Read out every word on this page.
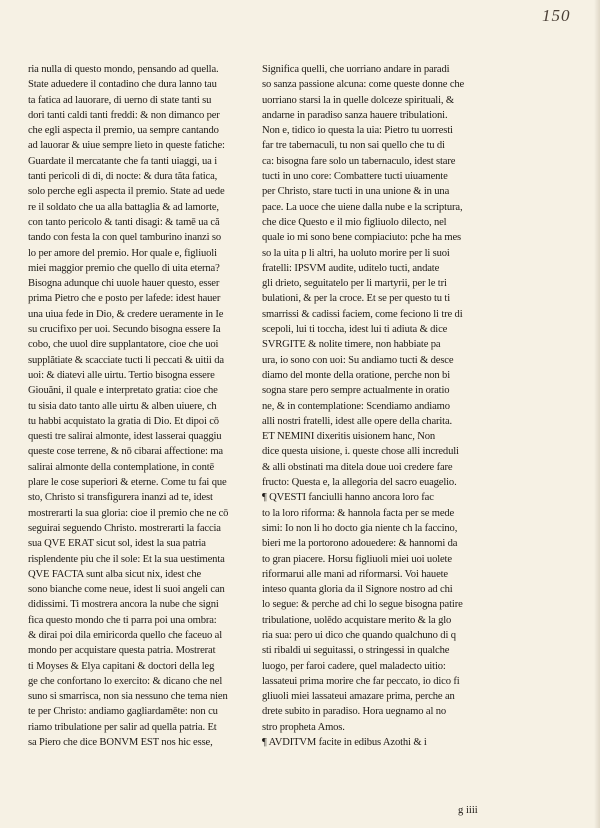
150
ria nulla di questo mondo, pensando ad quella.
State aduedere il contadino che dura lanno tau
ta fatica ad lauorare, di uerno di state tanti su
dori tanti caldi tanti freddi: & non dimanco per
che egli aspecta il premio, ua sempre cantando
ad lauorar & uiue sempre lieto in queste fatiche:
Guardate il mercatante che fa tanti uiaggi, ua i
tanti pericoli di di, di nocte: & dura tăta fatica,
solo perche egli aspecta il premio. State ad uede
re il soldato che ua alla battaglia & ad lamorte,
con tanto pericolo & tanti disagi: & tamē ua că
tando con festa la con quel tamburino inanzi so
lo per amore del premio. Hor quale e, figliuoli
miei maggior premio che quello di uita eterna?
Bisogna adunque chi uuole hauer questo, esser
prima Pietro che e posto per lafede: idest hauer
una uiua fede in Dio, & credere ueramente in Ie
su crucifixo per uoi. Secundo bisogna essere Ia
cobo, che uuol dire supplantatore, cioe che uoi
supplătiate & scacciate tucti li peccati & uitii da
uoi: & diatevi alle uirtu. Tertio bisogna essere
Giouăni, il quale e interpretato gratia: cioe che
tu sisia dato tanto alle uirtu & alben uiuere, ch
tu habbi acquistato la gratia di Dio. Et dipoi cō
questi tre salirai almonte, idest lasserai quaggiu
queste cose terrene, & nō cibarai affectione: ma
salirai almonte della contemplatione, in contē
plare le cose superiori & eterne. Come tu fai que
sto, Christo si transfigurera inanzi ad te, idest
mostrerarti la sua gloria: cioe il premio che ne cō
seguirai seguendo Christo. mostrerarti la faccia
sua QVE ERAT sicut sol, idest la sua patria
risplendente piu che il sole: Et la sua uestimenta
QVE FACTA sunt alba sicut nix, idest che
sono bianche come neue, idest li suoi angeli can
didissimi. Ti mostrera ancora la nube che signi
fica questo mondo che ti parra poi una ombra:
& dirai poi dila emiricorda quello che faceuo al
mondo per acquistare questa patria. Mostrerat
ti Moyses & Elya capitani & doctori della leg
ge che confortano lo exercito: & dicano che nel
suno si smarrisca, non sia nessuno che tema nien
te per Christo: andiamo gagliardamēte: non cu
riamo tribulatione per salir ad quella patria. Et
sa Piero che dice BONVM EST nos hic esse,
Significa quelli, che uorriano andare in paradi
so sanza passione alcuna: come queste donne che
uorriano starsi la in quelle dolceze spirituali, &
andarne in paradiso sanza hauere tribulationi.
Non e, tidico io questa la uia: Pietro tu uorresti
far tre tabernaculi, tu non sai quello che tu di
ca: bisogna fare solo un tabernaculo, idest stare
tucti in uno core: Combattere tucti uiuamente
per Christo, stare tucti in una unione & in una
pace. La uoce che uiene dalla nube e la scriptura,
che dice Questo e il mio figliuolo dilecto, nel
quale io mi sono bene compiaciuto: pche ha mes
so la uita p li altri, ha uoluto morire per li suoi
fratelli: IPSVM audite, uditelo tucti, andate
gli drieto, seguitatelo per li martyrii, per le tri
bulationi, & per la croce. Et se per questo tu ti
smarrissi & cadissi faciem, come feciono li tre di
scepoli, lui ti toccha, idest lui ti adiuta & dice
SVRGITE & nolite timere, non habbiate pa
ura, io sono con uoi: Su andiamo tucti & desce
diamo del monte della oratione, perche non bi
sogna stare pero sempre actualmente in oratio
ne, & in contemplatione: Scendiamo andiamo
alli nostri fratelli, idest alle opere della charita.
ET NEMINI dixeritis uisionem hanc, Non
dice questa uisione, i. queste chose alli increduli
& alli obstinati ma ditela doue uoi credere fare
fructo: Questa e, la allegoria del sacro euagelio.
¶ QVESTI fanciulli hanno ancora loro fac
to la loro riforma: & hannola facta per se mede
simi: Io non li ho docto gia niente ch la faccino,
bieri me la portorono adouedere: & hannomi da
to gran piacere. Horsu figliuoli miei uoi uolete
riformarui alle mani ad riformarsi. Voi hauete
inteso quanta gloria da il Signore nostro ad chi
lo segue: & perche ad chi lo segue bisogna patire
tribulatione, uolēdo acquistare merito & la glo
ria sua: pero ui dico che quando qualchuno di q
sti ribaldi ui seguitassi, o stringessi in qualche
luogo, per faroi cadere, quel maladecto uitio:
lassateui prima morire che far peccato, io dico fi
gliuoli miei lassateui amazare prima, perche an
drete subito in paradiso. Hora uegnamo al no
stro propheta Amos.
¶ AVDITVM facite in edibus Azothi & i
g iiii
